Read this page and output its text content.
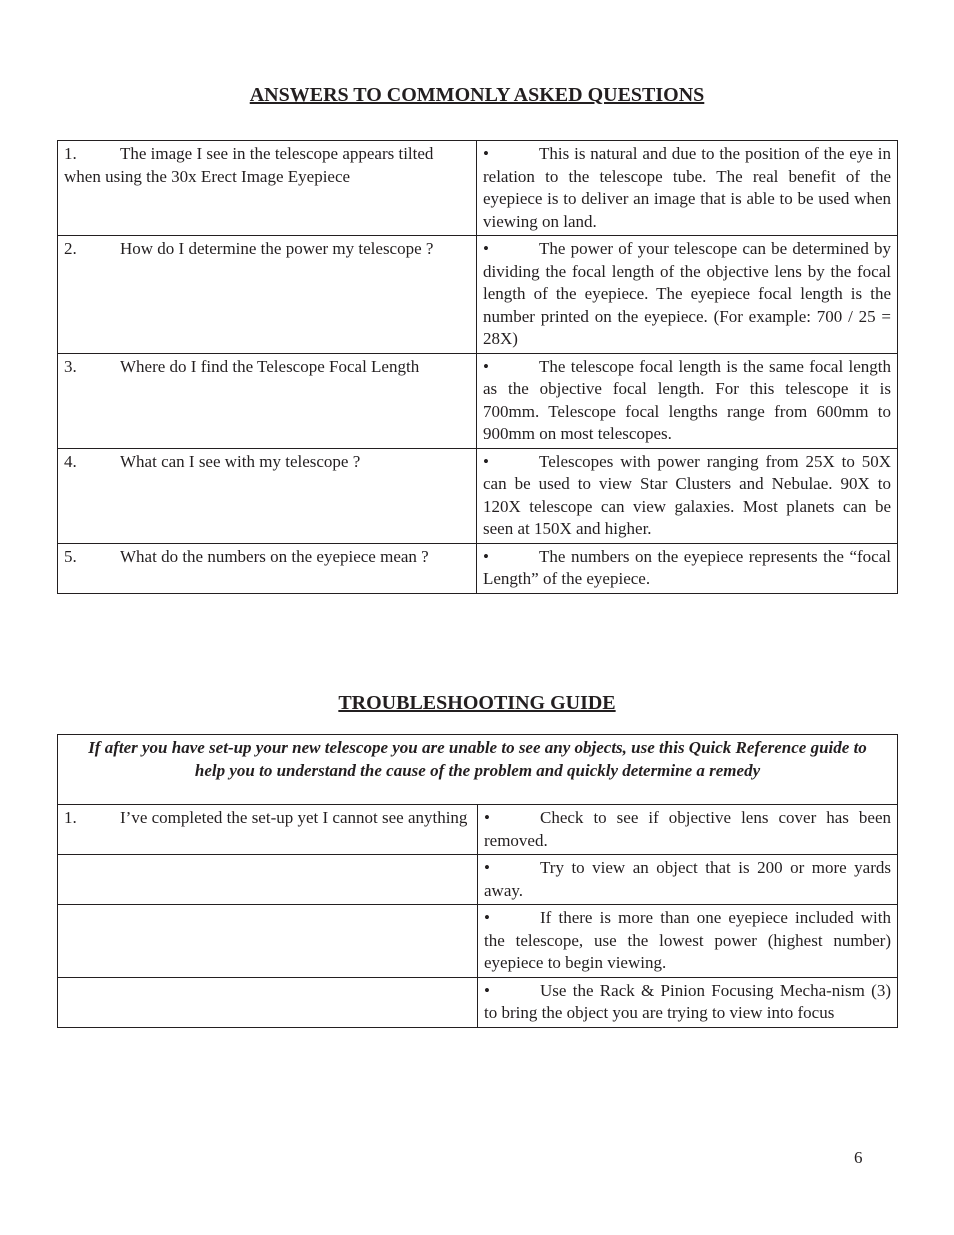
ANSWERS TO COMMONLY ASKED QUESTIONS
1. The image I see in the telescope appears tilted when using the 30x Erect Image Eyepiece	• This is natural and due to the position of the eye in relation to the telescope tube. The real benefit of the eyepiece is to deliver an image that is able to be used when viewing on land.
2. How do I determine the power my telescope ?	• The power of your telescope can be determined by dividing the focal length of the objective lens by the focal length of the eyepiece. The eyepiece focal length is the number printed on the eyepiece. (For example: 700 / 25 = 28X)
3. Where do I find the Telescope Focal Length	• The telescope focal length is the same focal length as the objective focal length. For this telescope it is 700mm. Telescope focal lengths range from 600mm to 900mm on most telescopes.
4. What can I see with my telescope ?	• Telescopes with power ranging from 25X to 50X can be used to view Star Clusters and Nebulae. 90X to 120X telescope can view galaxies. Most planets can be seen at 150X and higher.
5. What do the numbers on the eyepiece mean ?	• The numbers on the eyepiece represents the “focal Length” of the eyepiece.
TROUBLESHOOTING GUIDE
If after you have set-up your new telescope you are unable to see any objects, use this Quick Reference guide to help you to understand the cause of the problem and quickly determine a remedy	
1. I’ve completed the set-up yet I cannot see anything	• Check to see if objective lens cover has been removed.
	• Try to view an object that is 200 or more yards away.
	• If there is more than one eyepiece included with the telescope, use the lowest power (highest number) eyepiece to begin viewing.
	• Use the Rack & Pinion Focusing Mecha-nism (3) to bring the object you are trying to view into focus
6
